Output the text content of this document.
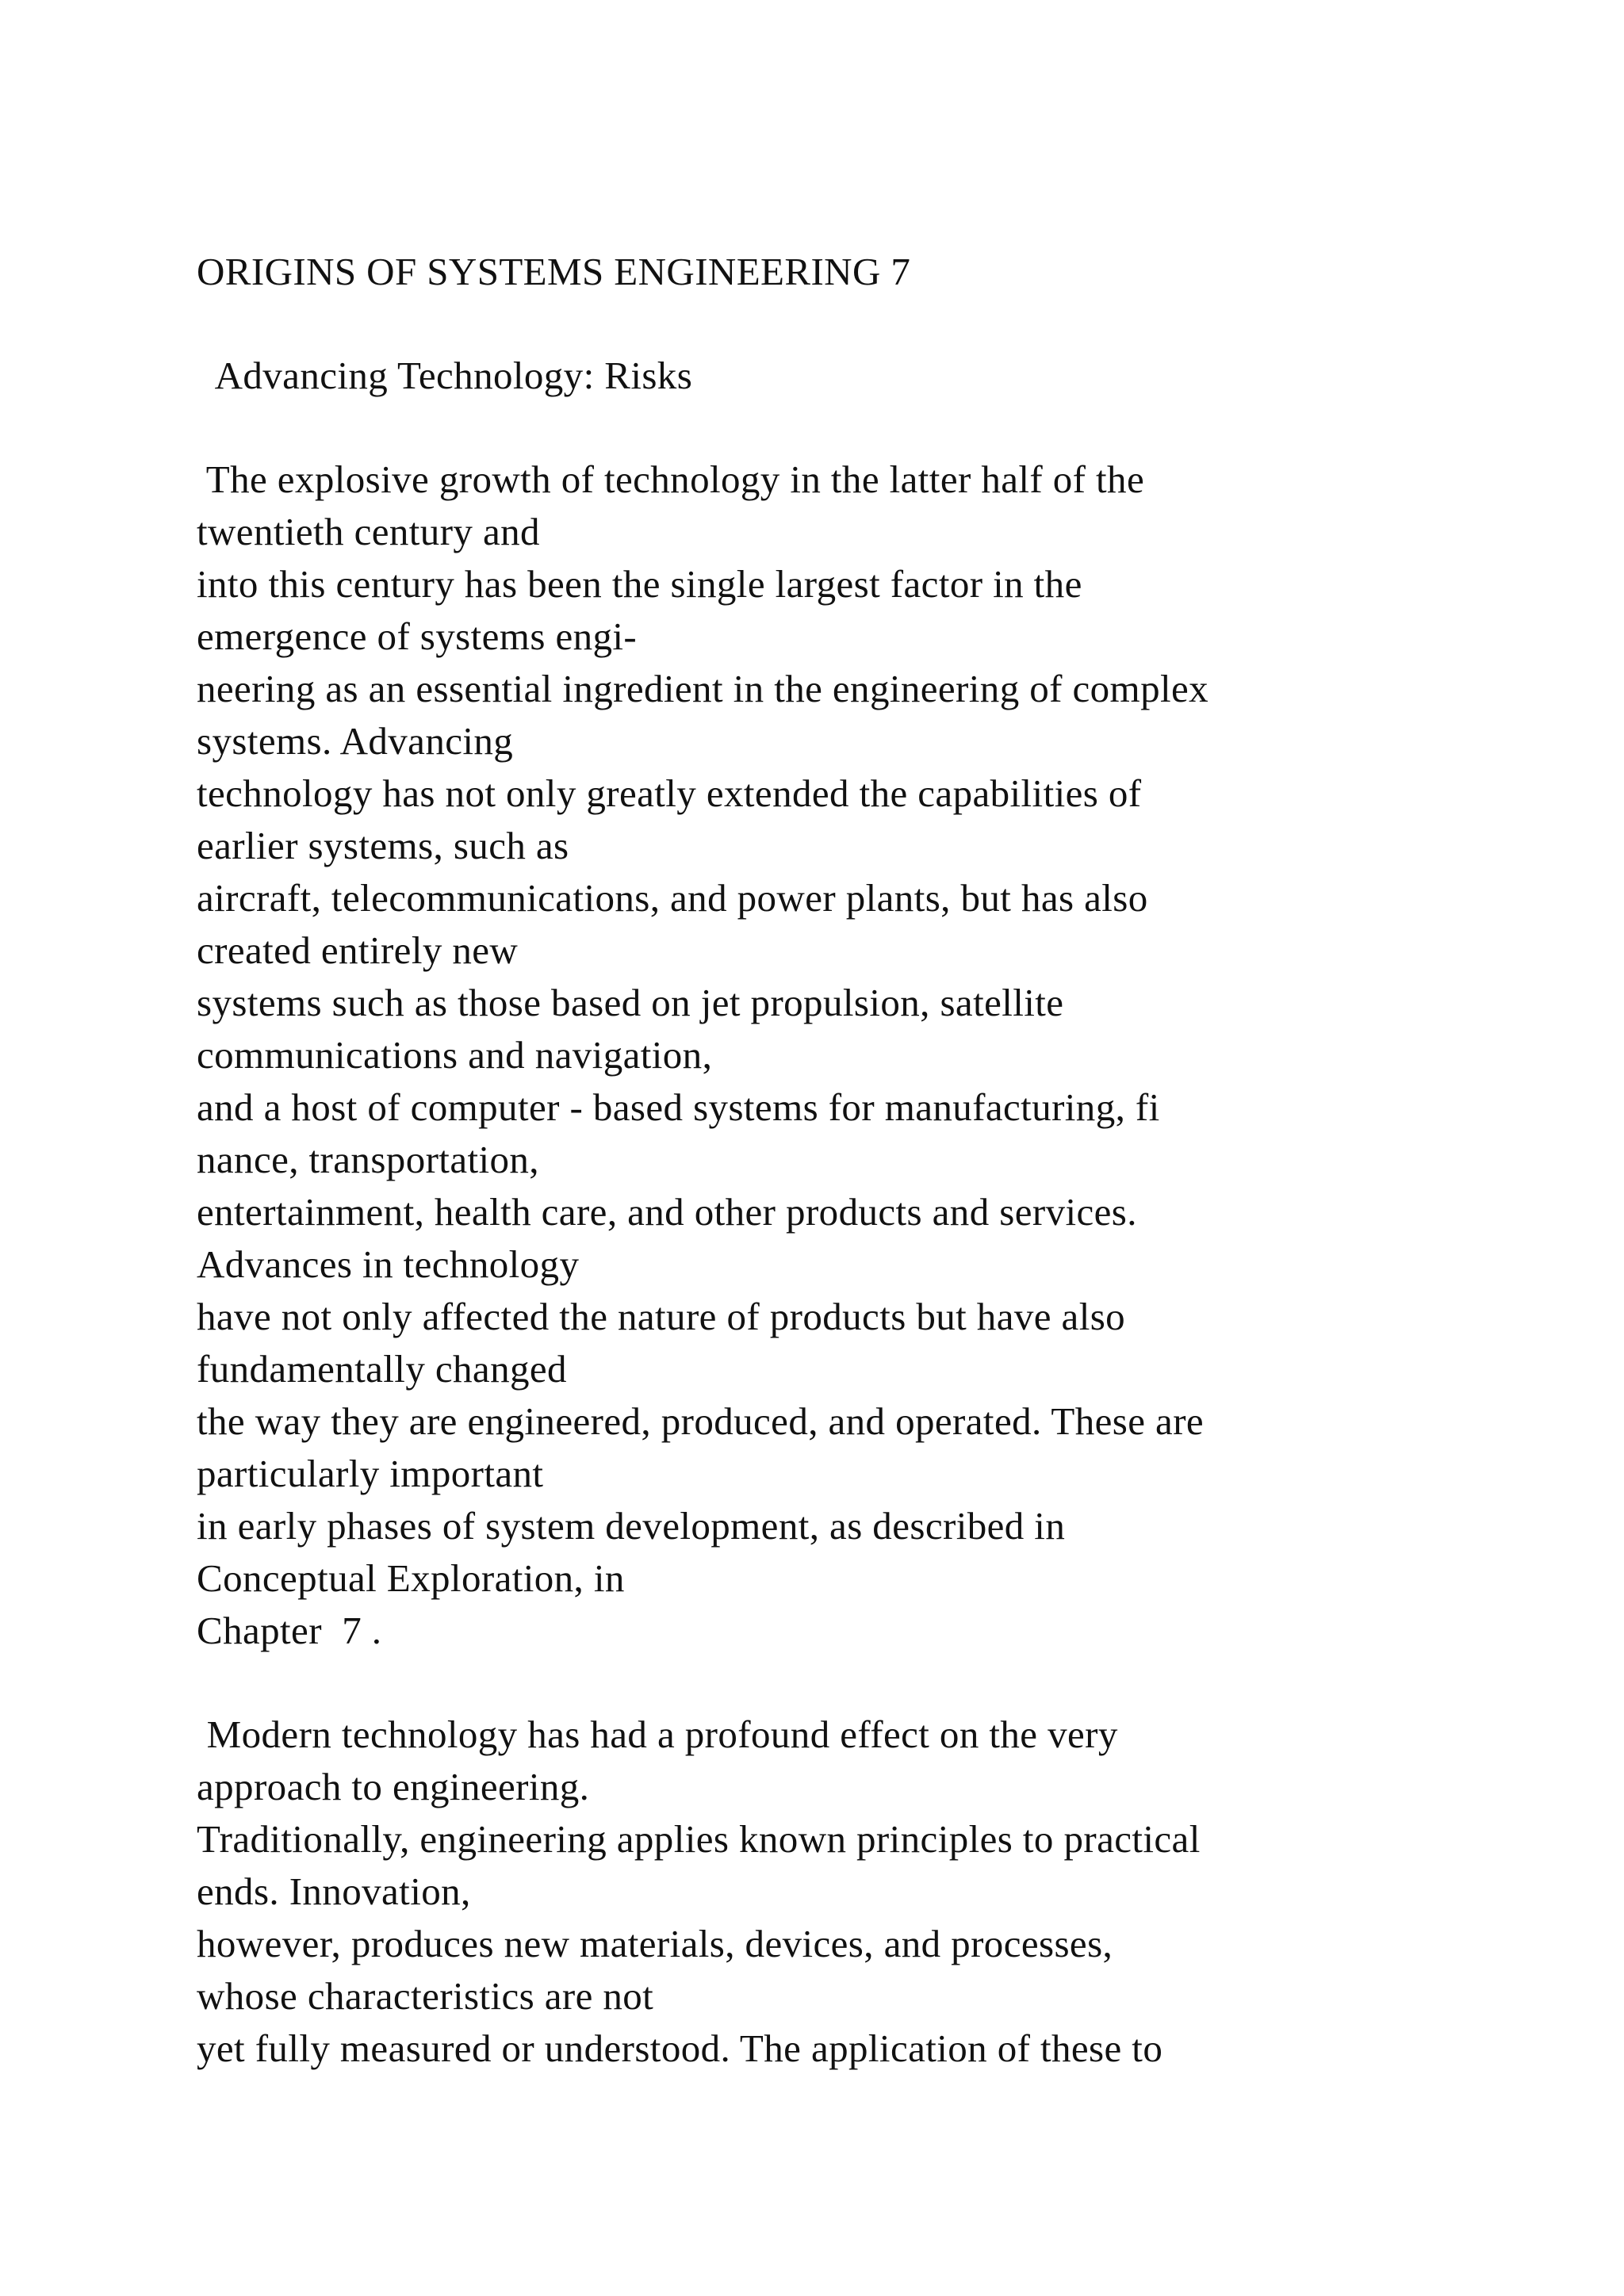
ORIGINS OF SYSTEMS ENGINEERING 7

Advancing Technology: Risks

The explosive growth of technology in the latter half of the

twentieth century and

into this century has been the single largest factor in the

emergence of systems engi-

neering as an essential ingredient in the engineering of complex

systems. Advancing

technology has not only greatly extended the capabilities of

earlier systems, such as

aircraft, telecommunications, and power plants, but has also

created entirely new

systems such as those based on jet propulsion, satellite

communications and navigation,

and a host of computer - based systems for manufacturing, fi

nance, transportation,

entertainment, health care, and other products and services.

Advances in technology

have not only affected the nature of products but have also

fundamentally changed

the way they are engineered, produced, and operated. These are

particularly important

in early phases of system development, as described in

Conceptual Exploration, in

Chapter  7 .

Modern technology has had a profound effect on the very

approach to engineering.

Traditionally, engineering applies known principles to practical

ends. Innovation,

however, produces new materials, devices, and processes,

whose characteristics are not

yet fully measured or understood. The application of these to
